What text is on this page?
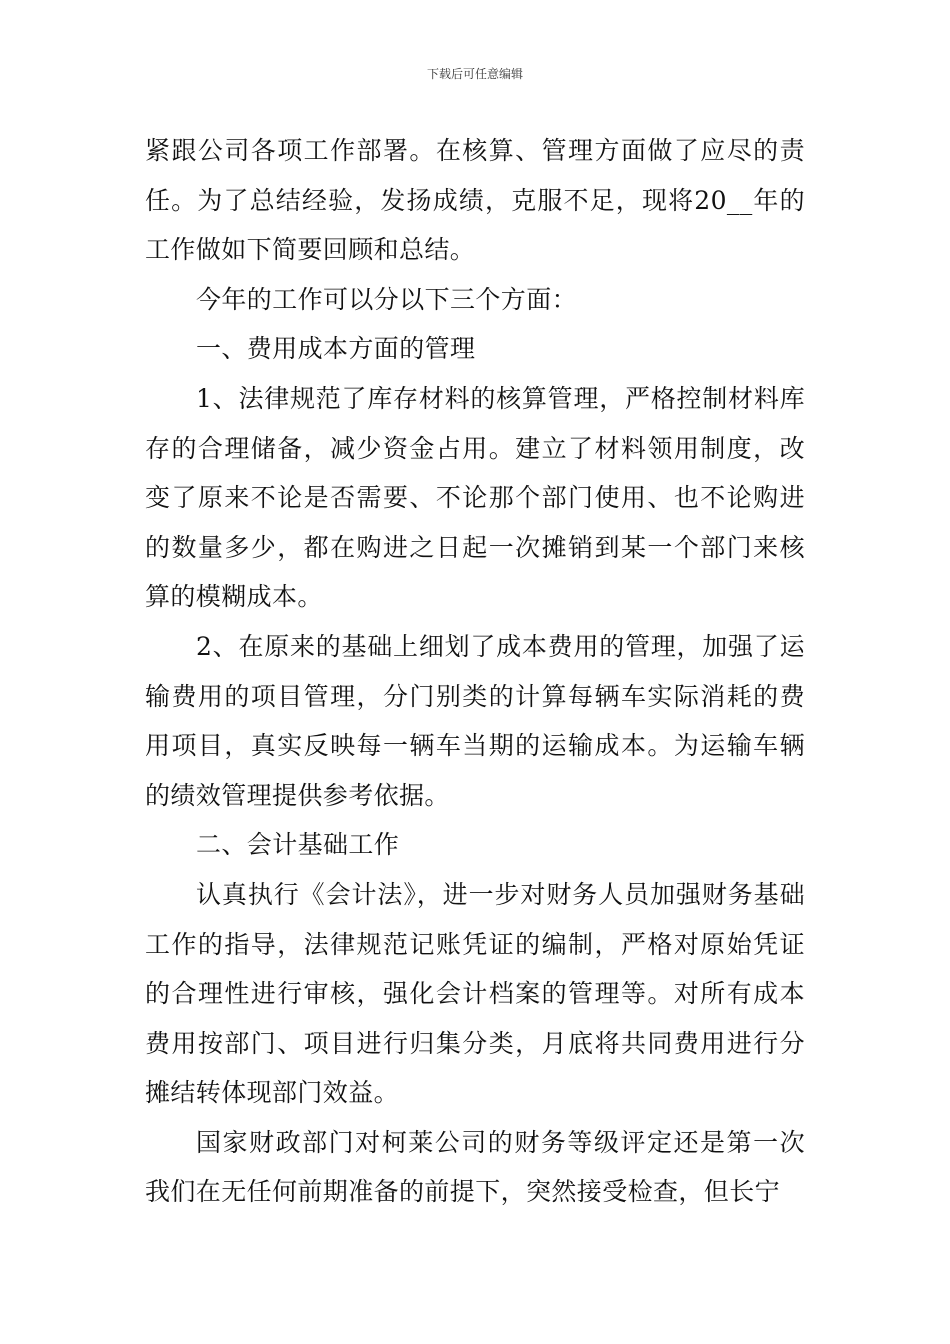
下载后可任意编辑

紧跟公司各项工作部署。在核算、管理方面做了应尽的责任。为了总结经验，发扬成绩，克服不足，现将20__年的工作做如下简要回顾和总结。

今年的工作可以分以下三个方面：

一、费用成本方面的管理

1、法律规范了库存材料的核算管理，严格控制材料库存的合理储备，减少资金占用。建立了材料领用制度，改变了原来不论是否需要、不论那个部门使用、也不论购进的数量多少，都在购进之日起一次摊销到某一个部门来核算的模糊成本。

2、在原来的基础上细划了成本费用的管理，加强了运输费用的项目管理，分门别类的计算每辆车实际消耗的费用项目，真实反映每一辆车当期的运输成本。为运输车辆的绩效管理提供参考依据。

二、会计基础工作

认真执行《会计法》，进一步对财务人员加强财务基础工作的指导，法律规范记账凭证的编制，严格对原始凭证的合理性进行审核，强化会计档案的管理等。对所有成本费用按部门、项目进行归集分类，月底将共同费用进行分摊结转体现部门效益。

国家财政部门对柯莱公司的财务等级评定还是第一次我们在无任何前期准备的前提下，突然接受检查，但长宁
